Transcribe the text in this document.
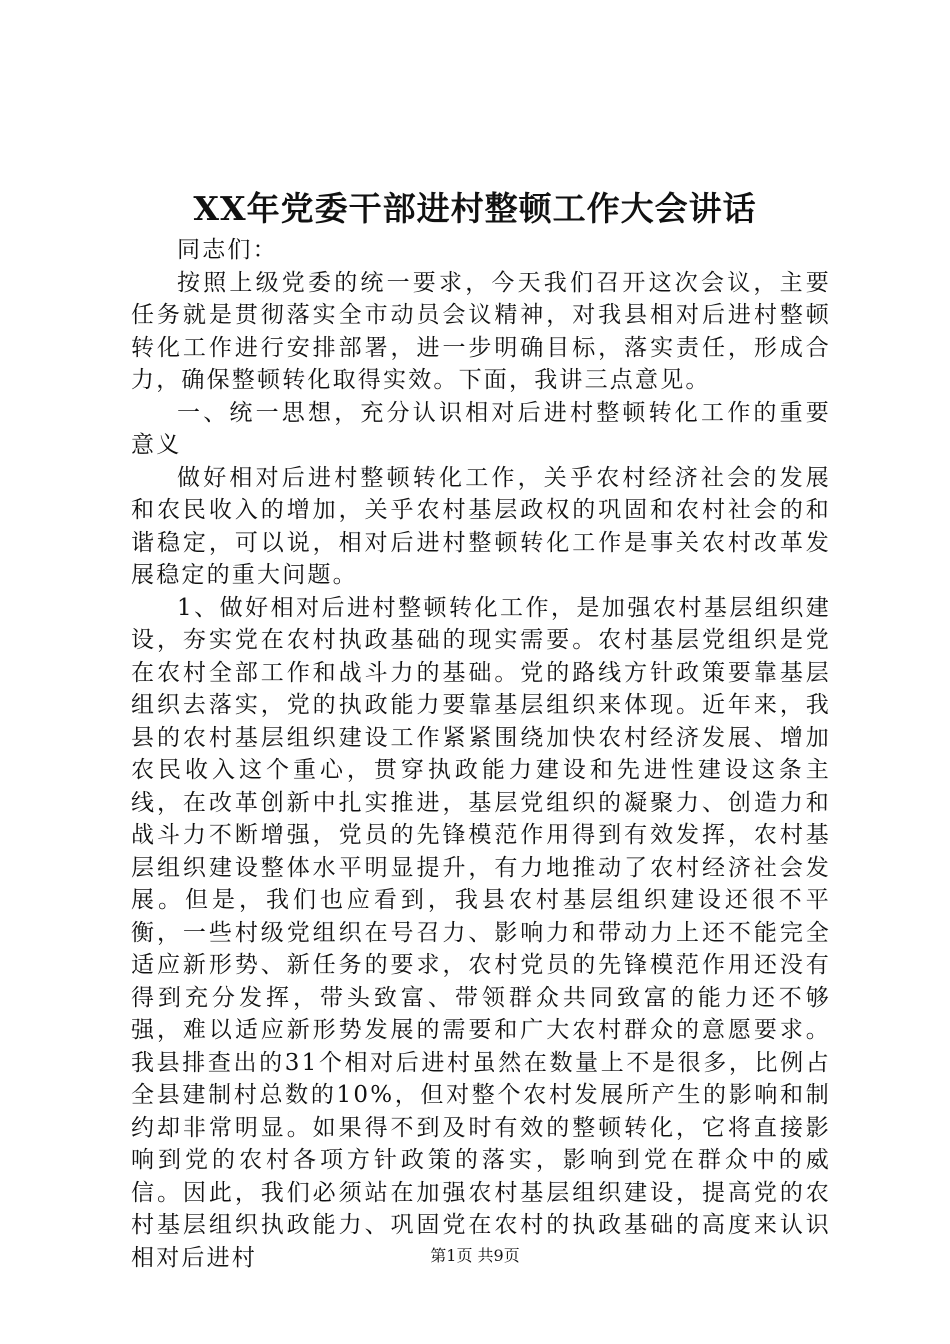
XX年党委干部进村整顿工作大会讲话

同志们：

按照上级党委的统一要求，今天我们召开这次会议，主要任务就是贯彻落实全市动员会议精神，对我县相对后进村整顿转化工作进行安排部署，进一步明确目标，落实责任，形成合力，确保整顿转化取得实效。下面，我讲三点意见。

一、统一思想，充分认识相对后进村整顿转化工作的重要意义

做好相对后进村整顿转化工作，关乎农村经济社会的发展和农民收入的增加，关乎农村基层政权的巩固和农村社会的和谐稳定，可以说，相对后进村整顿转化工作是事关农村改革发展稳定的重大问题。

1、做好相对后进村整顿转化工作，是加强农村基层组织建设，夯实党在农村执政基础的现实需要。农村基层党组织是党在农村全部工作和战斗力的基础。党的路线方针政策要靠基层组织去落实，党的执政能力要靠基层组织来体现。近年来，我县的农村基层组织建设工作紧紧围绕加快农村经济发展、增加农民收入这个重心，贯穿执政能力建设和先进性建设这条主线，在改革创新中扎实推进，基层党组织的凝聚力、创造力和战斗力不断增强，党员的先锋模范作用得到有效发挥，农村基层组织建设整体水平明显提升，有力地推动了农村经济社会发展。但是，我们也应看到，我县农村基层组织建设还很不平衡，一些村级党组织在号召力、影响力和带动力上还不能完全适应新形势、新任务的要求，农村党员的先锋模范作用还没有得到充分发挥，带头致富、带领群众共同致富的能力还不够强，难以适应新形势发展的需要和广大农村群众的意愿要求。我县排查出的31个相对后进村虽然在数量上不是很多，比例占全县建制村总数的10%，但对整个农村发展所产生的影响和制约却非常明显。如果得不到及时有效的整顿转化，它将直接影响到党的农村各项方针政策的落实，影响到党在群众中的威信。因此，我们必须站在加强农村基层组织建设，提高党的农村基层组织执政能力、巩固党在农村的执政基础的高度来认识相对后进村	第1页 共9页
